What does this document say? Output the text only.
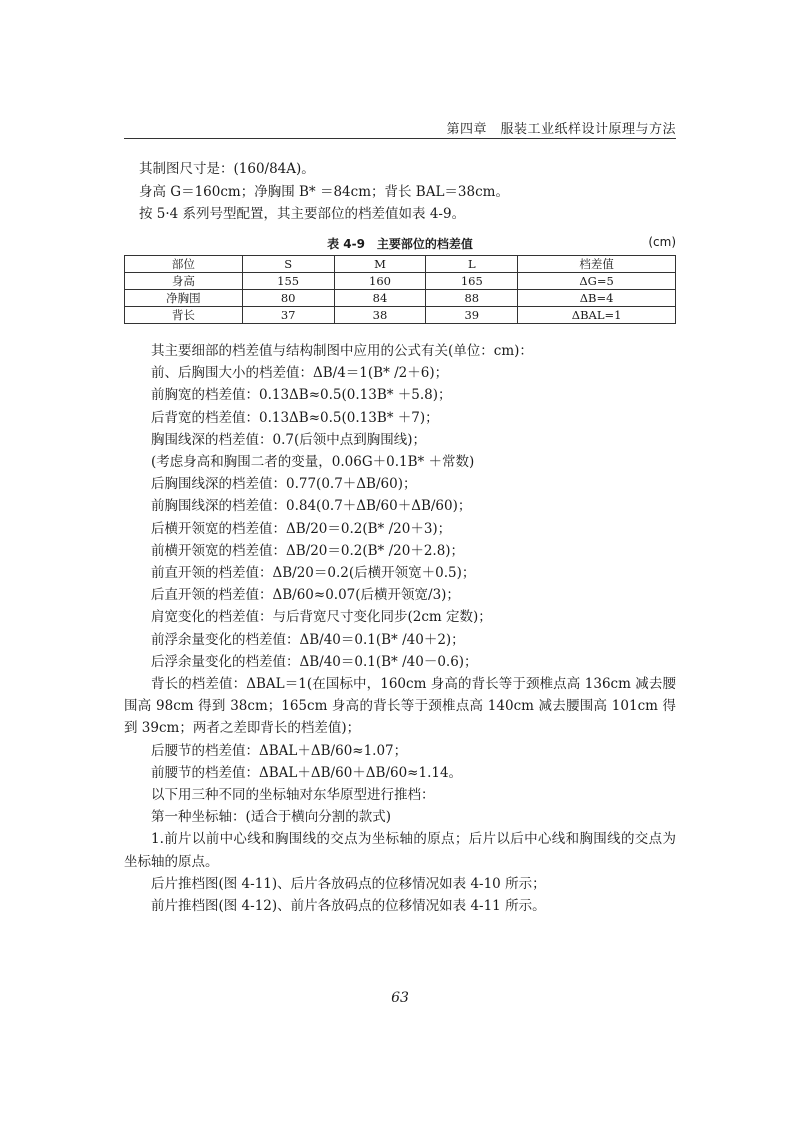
第四章　服装工业纸样设计原理与方法
其制图尺寸是：(160/84A)。
身高 G＝160cm；净胸围 B* ＝84cm；背长 BAL＝38cm。
按 5·4 系列号型配置，其主要部位的档差值如表 4-9。
表 4-9　主要部位的档差值	(cm)
部位	S	M	L	档差值
身高	155	160	165	ΔG=5
净胸围	80	84	88	ΔB=4
背长	37	38	39	ΔBAL=1

其主要细部的档差值与结构制图中应用的公式有关(单位：cm)：

前、后胸围大小的档差值：ΔB/4＝1(B* /2＋6)；

前胸宽的档差值：0.13ΔB≈0.5(0.13B* ＋5.8)；

后背宽的档差值：0.13ΔB≈0.5(0.13B* ＋7)；

胸围线深的档差值：0.7(后领中点到胸围线)；

(考虑身高和胸围二者的变量，0.06G＋0.1B* ＋常数)

后胸围线深的档差值：0.77(0.7＋ΔB/60)；

前胸围线深的档差值：0.84(0.7＋ΔB/60＋ΔB/60)；

后横开领宽的档差值：ΔB/20＝0.2(B* /20＋3)；

前横开领宽的档差值：ΔB/20＝0.2(B* /20＋2.8)；

前直开领的档差值：ΔB/20＝0.2(后横开领宽＋0.5)；

后直开领的档差值：ΔB/60≈0.07(后横开领宽/3)；

肩宽变化的档差值：与后背宽尺寸变化同步(2cm 定数)；

前浮余量变化的档差值：ΔB/40＝0.1(B* /40＋2)；

后浮余量变化的档差值：ΔB/40＝0.1(B* /40－0.6)；

背长的档差值：ΔBAL＝1(在国标中，160cm 身高的背长等于颈椎点高 136cm 减去腰围高 98cm 得到 38cm；165cm 身高的背长等于颈椎点高 140cm 减去腰围高 101cm 得到 39cm；两者之差即背长的档差值)；

后腰节的档差值：ΔBAL＋ΔB/60≈1.07；

前腰节的档差值：ΔBAL＋ΔB/60＋ΔB/60≈1.14。

以下用三种不同的坐标轴对东华原型进行推档：

第一种坐标轴：(适合于横向分割的款式)

1.前片以前中心线和胸围线的交点为坐标轴的原点；后片以后中心线和胸围线的交点为坐标轴的原点。

后片推档图(图 4-11)、后片各放码点的位移情况如表 4-10 所示；

前片推档图(图 4-12)、前片各放码点的位移情况如表 4-11 所示。

63
